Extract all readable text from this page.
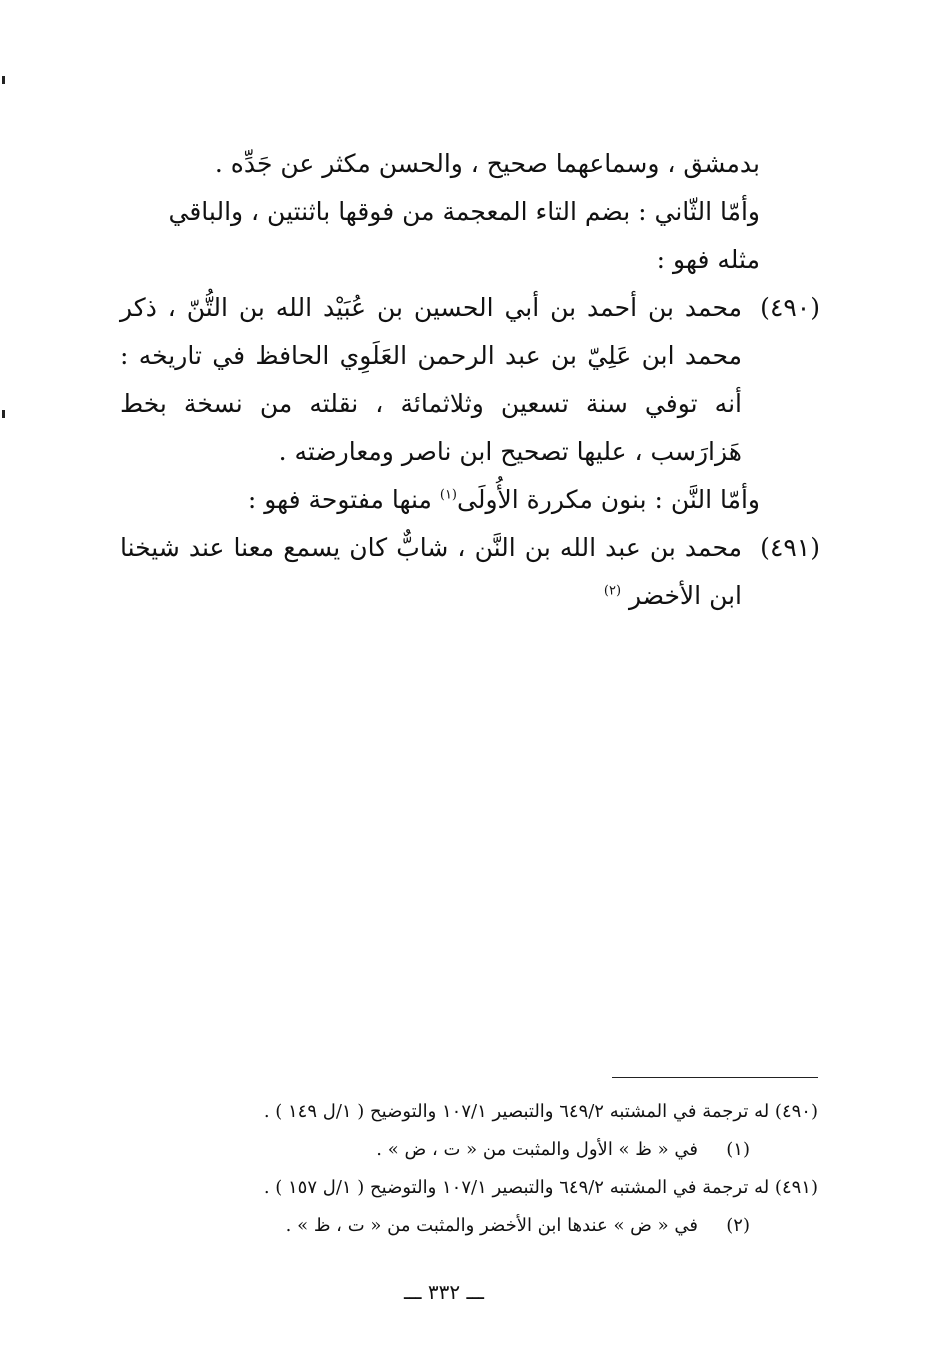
بدمشق ، وسماعهما صحيح ، والحسن مكثر عن جَدِّه .

وأمّا الثّاني : بضم التاء المعجمة من فوقها باثنتين ، والباقي مثله فهو :

(٤٩٠)
محمد بن أحمد بن أبي الحسين بن عُبَيْد الله بن التُّنّ ، ذكر محمد ابن عَلِيّ بن عبد الرحمن العَلَوِي الحافظ في تاريخه : أنه توفي سنة تسعين وثلاثمائة ، نقلته من نسخة بخط هَزارَسب ، عليها تصحيح ابن ناصر ومعارضته .

وأمّا النَّن : بنون مكررة الأُولَى$^{(١)}$ منها مفتوحة فهو :

(٤٩١)
محمد بن عبد الله بن النَّن ، شابٌّ كان يسمع معنا عند شيخنا ابن الأخضر $^{(٢)}$

(٤٩٠) له ترجمة في المشتبه ٦٤٩/٢ والتبصير ١٠٧/١ والتوضيح ( ١/ل ١٤٩ ) .

(١)في « ظ » الأول والمثبت من « ت ، ض » .

(٤٩١) له ترجمة في المشتبه ٦٤٩/٢ والتبصير ١٠٧/١ والتوضيح ( ١/ل ١٥٧ ) .

(٢)في « ض » عندها ابن الأخضر والمثبت من « ت ، ظ » .

ـــ ٣٣٢ ـــ
